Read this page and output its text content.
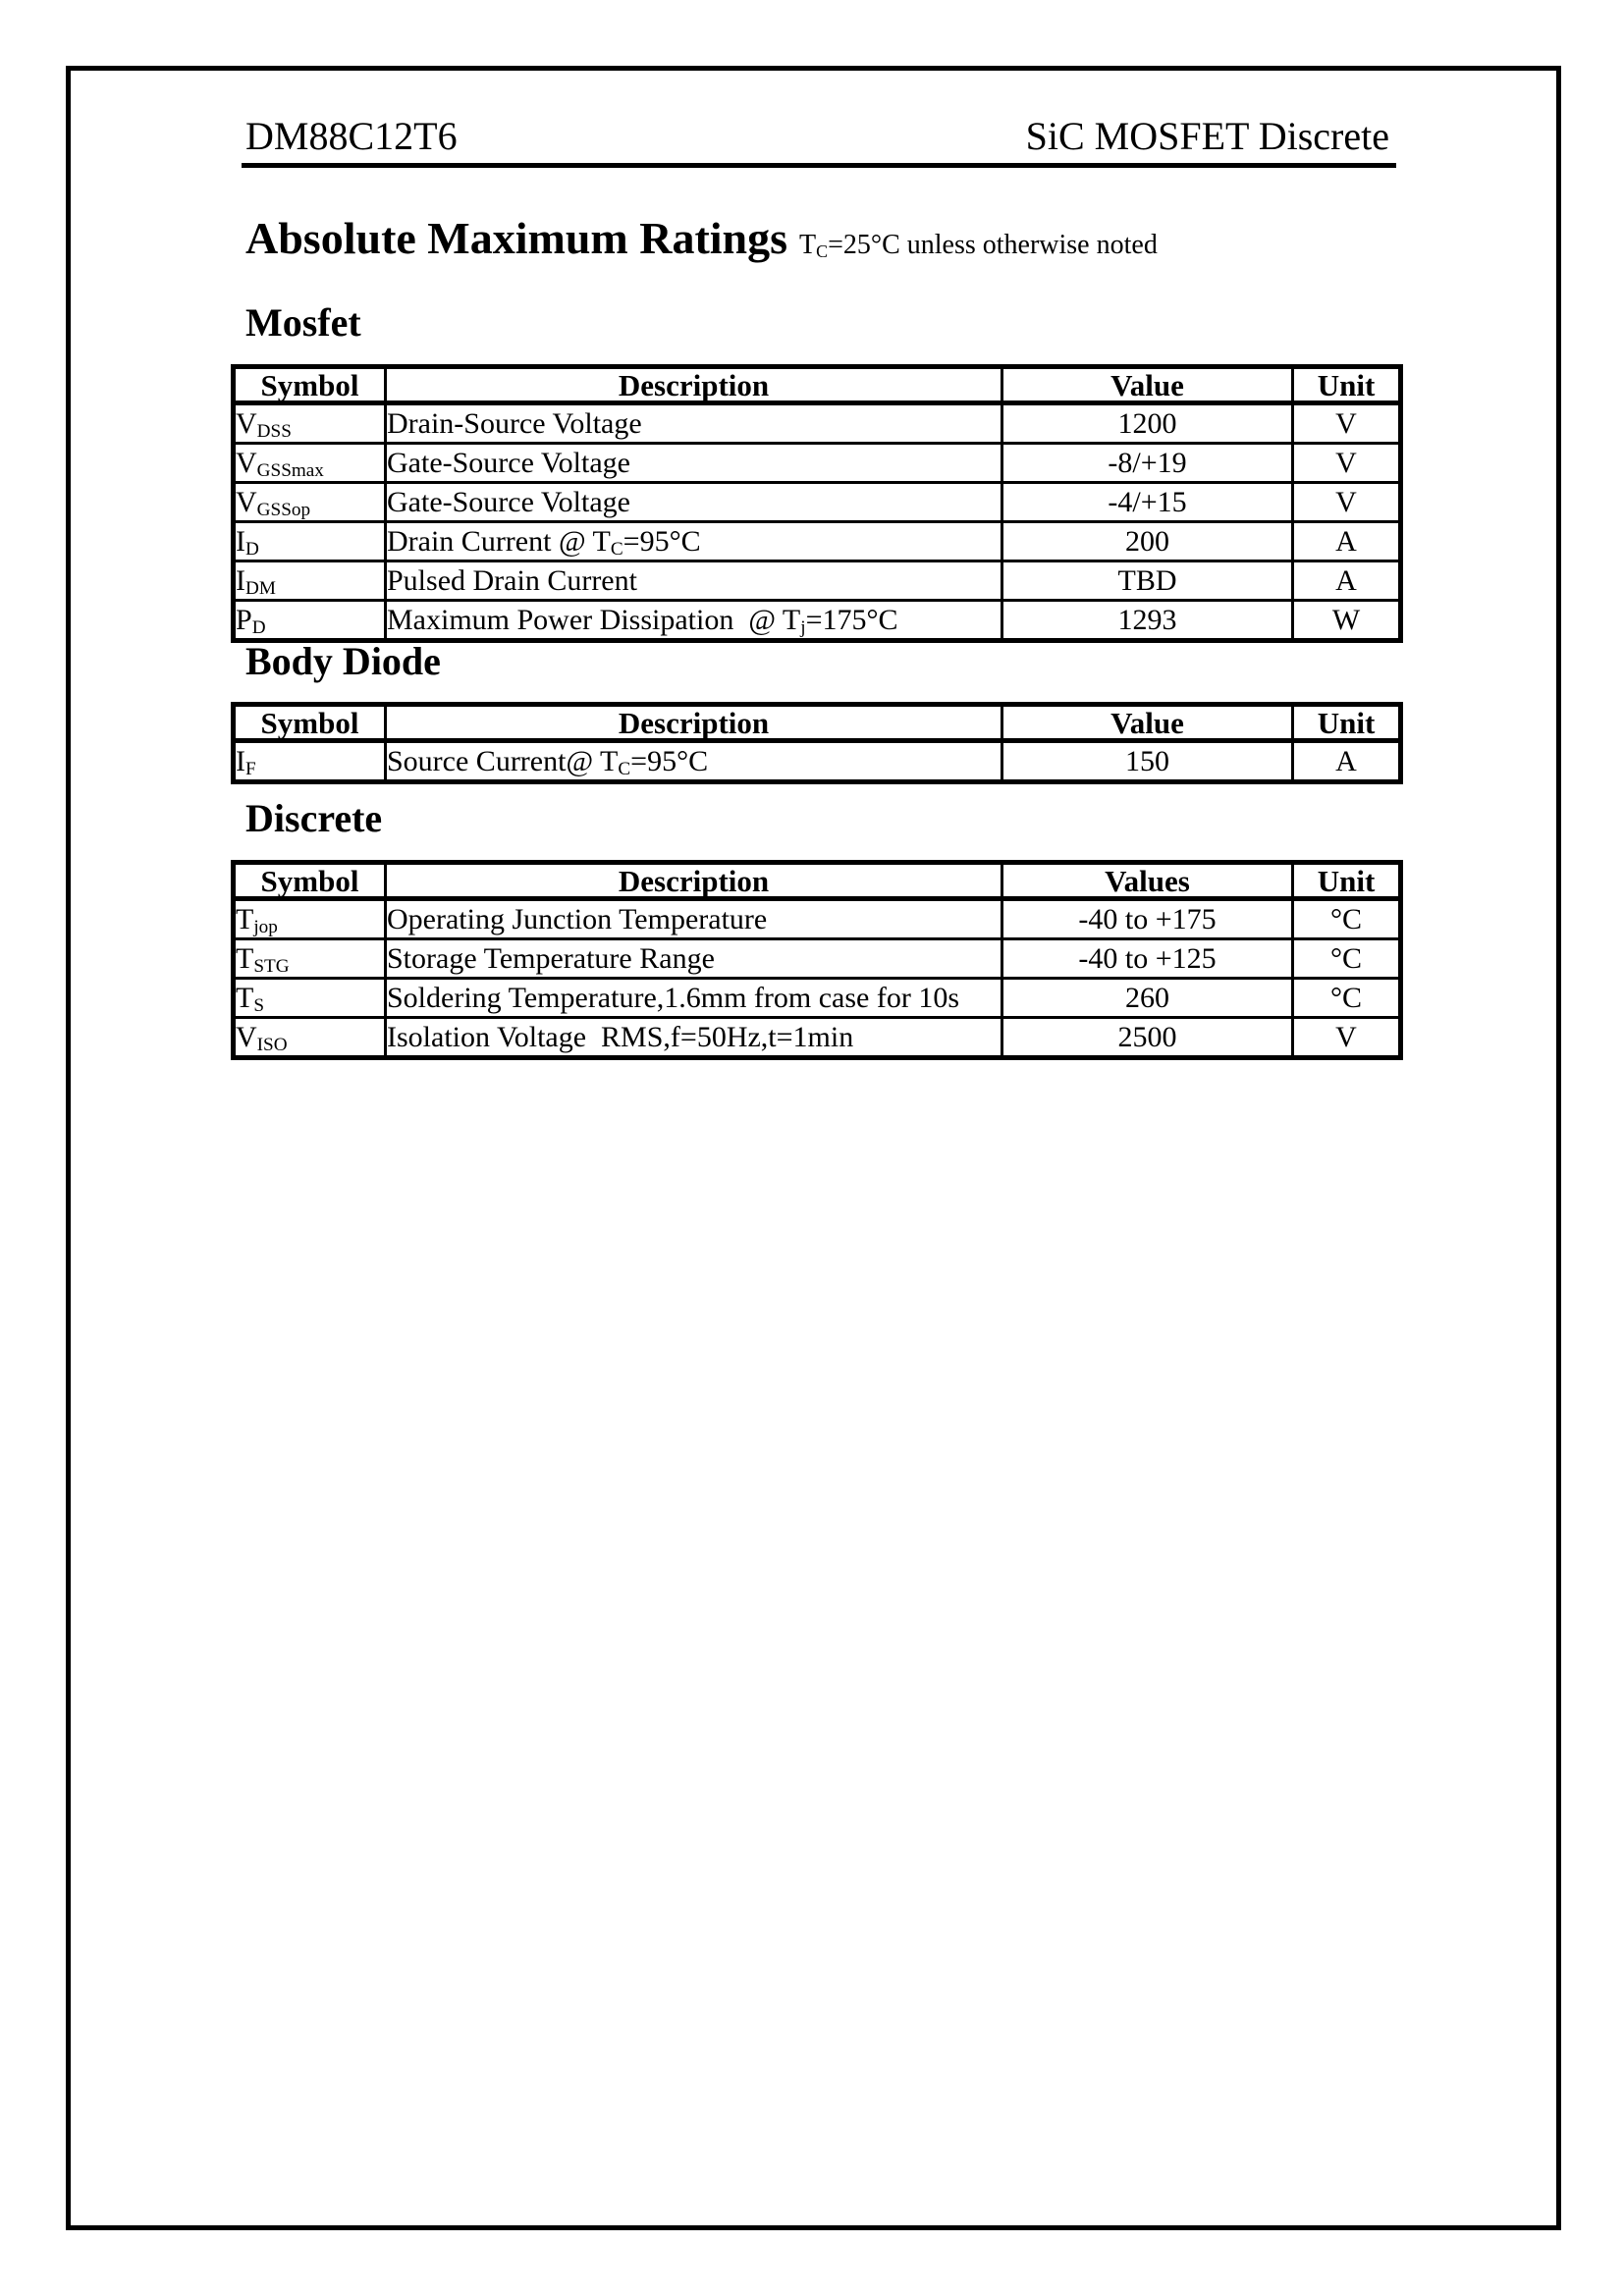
DM88C12T6	SiC MOSFET Discrete
Absolute Maximum Ratings $T_C=25^\circ C$ unless otherwise noted
Mosfet
Symbol	Description	Value	Unit
$V_{DSS}$	Drain-Source Voltage	1200	V
$V_{GSSmax}$	Gate-Source Voltage	-8/+19	V
$V_{GSSop}$	Gate-Source Voltage	-4/+15	V
$I_D$	Drain Current @ $T_C=95^\circ C$	200	A
$I_{DM}$	Pulsed Drain Current	TBD	A
$P_D$	Maximum Power Dissipation  @ $T_j=175^\circ C$	1293	W
Body Diode
Symbol	Description	Value	Unit
$I_F$	Source Current@ $T_C=95^\circ C$	150	A
Discrete
Symbol	Description	Values	Unit
$T_{jop}$	Operating Junction Temperature	-40 to +175	°C
$T_{STG}$	Storage Temperature Range	-40 to +125	°C
$T_S$	Soldering Temperature,1.6mm from case for 10s	260	°C
$V_{ISO}$	Isolation Voltage  RMS,f=50Hz,t=1min	2500	V
